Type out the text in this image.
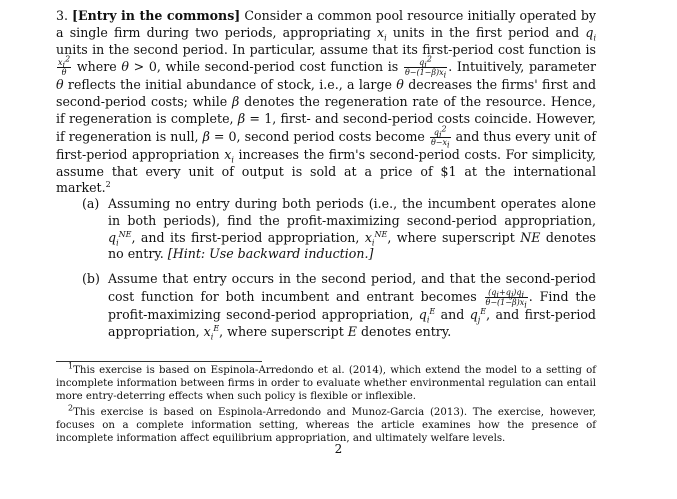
3. [Entry in the commons] Consider a common pool resource initially operated by a single firm during two periods, appropriating $x_i$ units in the first period and $q_i$ units in the second period. In particular, assume that its first-period cost function is
$\frac{x_i^2}{\theta}$ where θ > 0, while second-period cost function is $\frac{q_i^2}{\theta-(1-\beta)x_i}$ . Intuitively, parameter θ reflects the initial abundance of stock, i.e., a large θ decreases the firms' first and second-period costs; while β denotes the regeneration rate of the resource. Hence, if regeneration is complete, β = 1, first- and second-period costs coincide. However, if regeneration is null, β = 0, second period costs become $\frac{q_i^2}{\theta-x_i}$ and thus every unit of first-period appropriation $x_i$ increases the firm's second-period costs. For simplicity, assume that every unit of output is sold at a price of $1 at the international market.$^2$
(a) Assuming no entry during both periods (i.e., the incumbent operates alone in both periods), find the profit-maximizing second-period appropriation, $q_i^{NE}$, and its first-period appropriation, $x_i^{NE}$, where superscript NE denotes no entry. [Hint: Use backward induction.]
(b) Assume that entry occurs in the second period, and that the second-period cost function for both incumbent and entrant becomes $\frac{(q_i+q_j)q_i}{\theta-(1-\beta)x_i}$ . Find the profit-maximizing second-period appropriation, $q_i^E$ and $q_j^E$, and first-period appropriation, $x_i^E$, where superscript E denotes entry.

$^1$This exercise is based on Espinola-Arredondo et al. (2014), which extend the model to a setting of incomplete information between firms in order to evaluate whether environmental regulation can entail more entry-deterring effects when such policy is flexible or inflexible.

$^2$This exercise is based on Espinola-Arredondo and Munoz-Garcia (2013). The exercise, however, focuses on a complete information setting, whereas the article examines how the presence of incomplete information affect equilibrium appropriation, and ultimately welfare levels.

2
